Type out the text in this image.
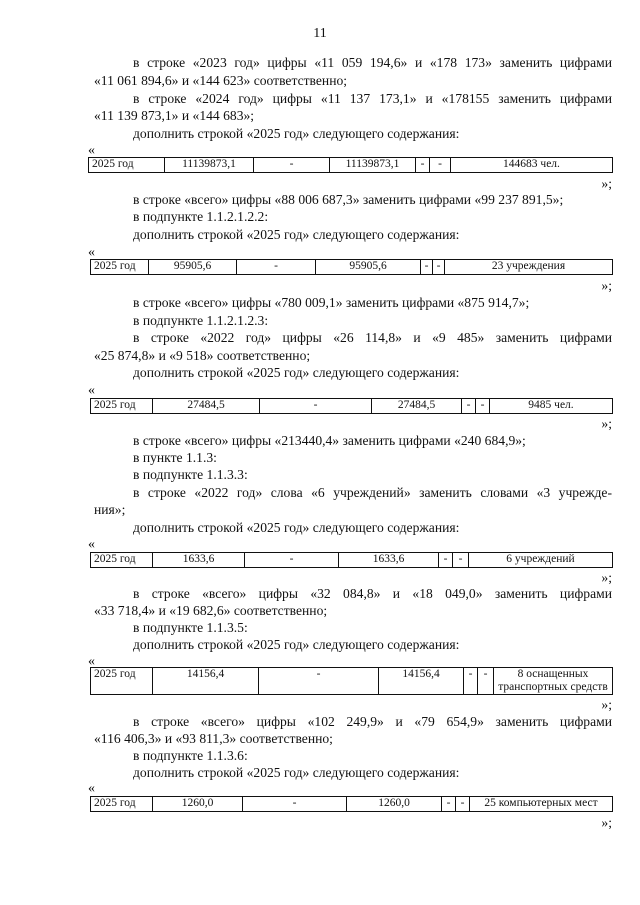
11
в строке «2023 год» цифры «11 059 194,6» и «178 173» заменить цифрами
«11 061 894,6» и «144 623» соответственно;
в строке «2024 год» цифры «11 137 173,1» и «178155 заменить цифрами
«11 139 873,1» и «144 683»;
дополнить строкой «2025 год» следующего содержания:
«
2025 год	11139873,1	-	11139873,1	-	-	144683 чел.
»;
в строке «всего» цифры «88 006 687,3» заменить цифрами «99 237 891,5»;
в подпункте 1.1.2.1.2.2:
дополнить строкой «2025 год» следующего содержания:
«
2025 год	95905,6	-	95905,6	-	-	23 учреждения
»;
в строке «всего» цифры «780 009,1» заменить цифрами «875 914,7»;
в подпункте 1.1.2.1.2.3:
в строке «2022 год» цифры «26 114,8» и «9 485» заменить цифрами
«25 874,8» и «9 518» соответственно;
дополнить строкой «2025 год» следующего содержания:
«
2025 год	27484,5	-	27484,5	-	-	9485 чел.
»;
в строке «всего» цифры «213440,4» заменить цифрами «240 684,9»;
в пункте 1.1.3:
в подпункте 1.1.3.3:
в строке «2022 год» слова «6 учреждений» заменить словами «3 учрежде-
ния»;
дополнить строкой «2025 год» следующего содержания:
«
2025 год	1633,6	-	1633,6	-	-	6 учреждений
»;
в строке «всего» цифры «32 084,8» и «18 049,0» заменить цифрами
«33 718,4» и «19 682,6» соответственно;
в подпункте 1.1.3.5:
дополнить строкой «2025 год» следующего содержания:
«
2025 год	14156,4	-	14156,4	-	-	8 оснащенных транспортных средств
»;
в строке «всего» цифры «102 249,9» и «79 654,9» заменить цифрами
«116 406,3» и «93 811,3» соответственно;
в подпункте 1.1.3.6:
дополнить строкой «2025 год» следующего содержания:
«
2025 год	1260,0	-	1260,0	-	-	25 компьютерных мест
»;
